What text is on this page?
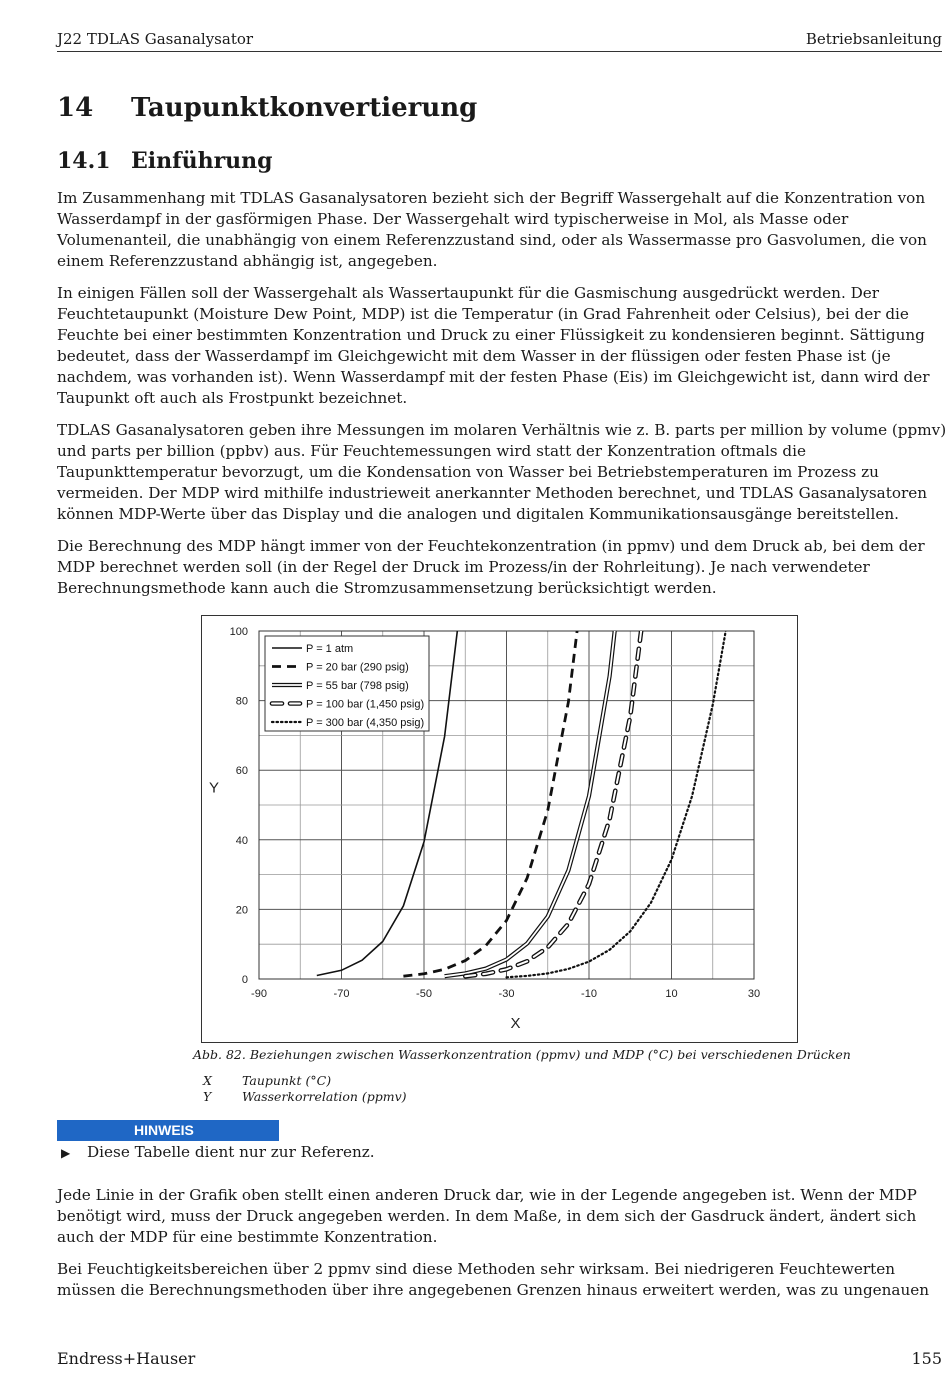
J22 TDLAS Gasanalysator	Betriebsanleitung
14 Taupunktkonvertierung
14.1 Einführung

Im Zusammenhang mit TDLAS Gasanalysatoren bezieht sich der Begriff Wassergehalt auf die Konzentration von Wasserdampf in der gasförmigen Phase. Der Wassergehalt wird typischerweise in Mol, als Masse oder Volumenanteil, die unabhängig von einem Referenzzustand sind, oder als Wassermasse pro Gasvolumen, die von einem Referenzzustand abhängig ist, angegeben.

In einigen Fällen soll der Wassergehalt als Wassertaupunkt für die Gasmischung ausgedrückt werden. Der Feuchtetaupunkt (Moisture Dew Point, MDP) ist die Temperatur (in Grad Fahrenheit oder Celsius), bei der die Feuchte bei einer bestimmten Konzentration und Druck zu einer Flüssigkeit zu kondensieren beginnt. Sättigung bedeutet, dass der Wasserdampf im Gleichgewicht mit dem Wasser in der flüssigen oder festen Phase ist (je nachdem, was vorhanden ist). Wenn Wasserdampf mit der festen Phase (Eis) im Gleichgewicht ist, dann wird der Taupunkt oft auch als Frostpunkt bezeichnet.

TDLAS Gasanalysatoren geben ihre Messungen im molaren Verhältnis wie z. B. parts per million by volume (ppmv) und parts per billion (ppbv) aus. Für Feuchtemessungen wird statt der Konzentration oftmals die Taupunkttemperatur bevorzugt, um die Kondensation von Wasser bei Betriebstemperaturen im Prozess zu vermeiden. Der MDP wird mithilfe industrieweit anerkannter Methoden berechnet, und TDLAS Gasanalysatoren können MDP-Werte über das Display und die analogen und digitalen Kommunikationsausgänge bereitstellen.

Die Berechnung des MDP hängt immer von der Feuchtekonzentration (in ppmv) und dem Druck ab, bei dem der MDP berechnet werden soll (in der Regel der Druck im Prozess/in der Rohrleitung). Je nach verwendeter Berechnungsmethode kann auch die Stromzusammensetzung berücksichtigt werden.

-90	-70	-50	-30	-10	10	30
0
20
40
60
80
100
X
Y
P = 1 atm
P = 20 bar (290 psig)
P = 55 bar (798 psig)
P = 100 bar (1,450 psig)
P = 300 bar (4,350 psig)
Abb. 82. Beziehungen zwischen Wasserkonzentration (ppmv) und MDP (°C) bei verschiedenen Drücken
X Taupunkt (°C)
Y Wasserkorrelation (ppmv)
HINWEIS
▶ Diese Tabelle dient nur zur Referenz.

Jede Linie in der Grafik oben stellt einen anderen Druck dar, wie in der Legende angegeben ist. Wenn der MDP benötigt wird, muss der Druck angegeben werden. In dem Maße, in dem sich der Gasdruck ändert, ändert sich auch der MDP für eine bestimmte Konzentration.

Bei Feuchtigkeitsbereichen über 2 ppmv sind diese Methoden sehr wirksam. Bei niedrigeren Feuchtewerten müssen die Berechnungsmethoden über ihre angegebenen Grenzen hinaus erweitert werden, was zu ungenauen

Endress+Hauser	155
